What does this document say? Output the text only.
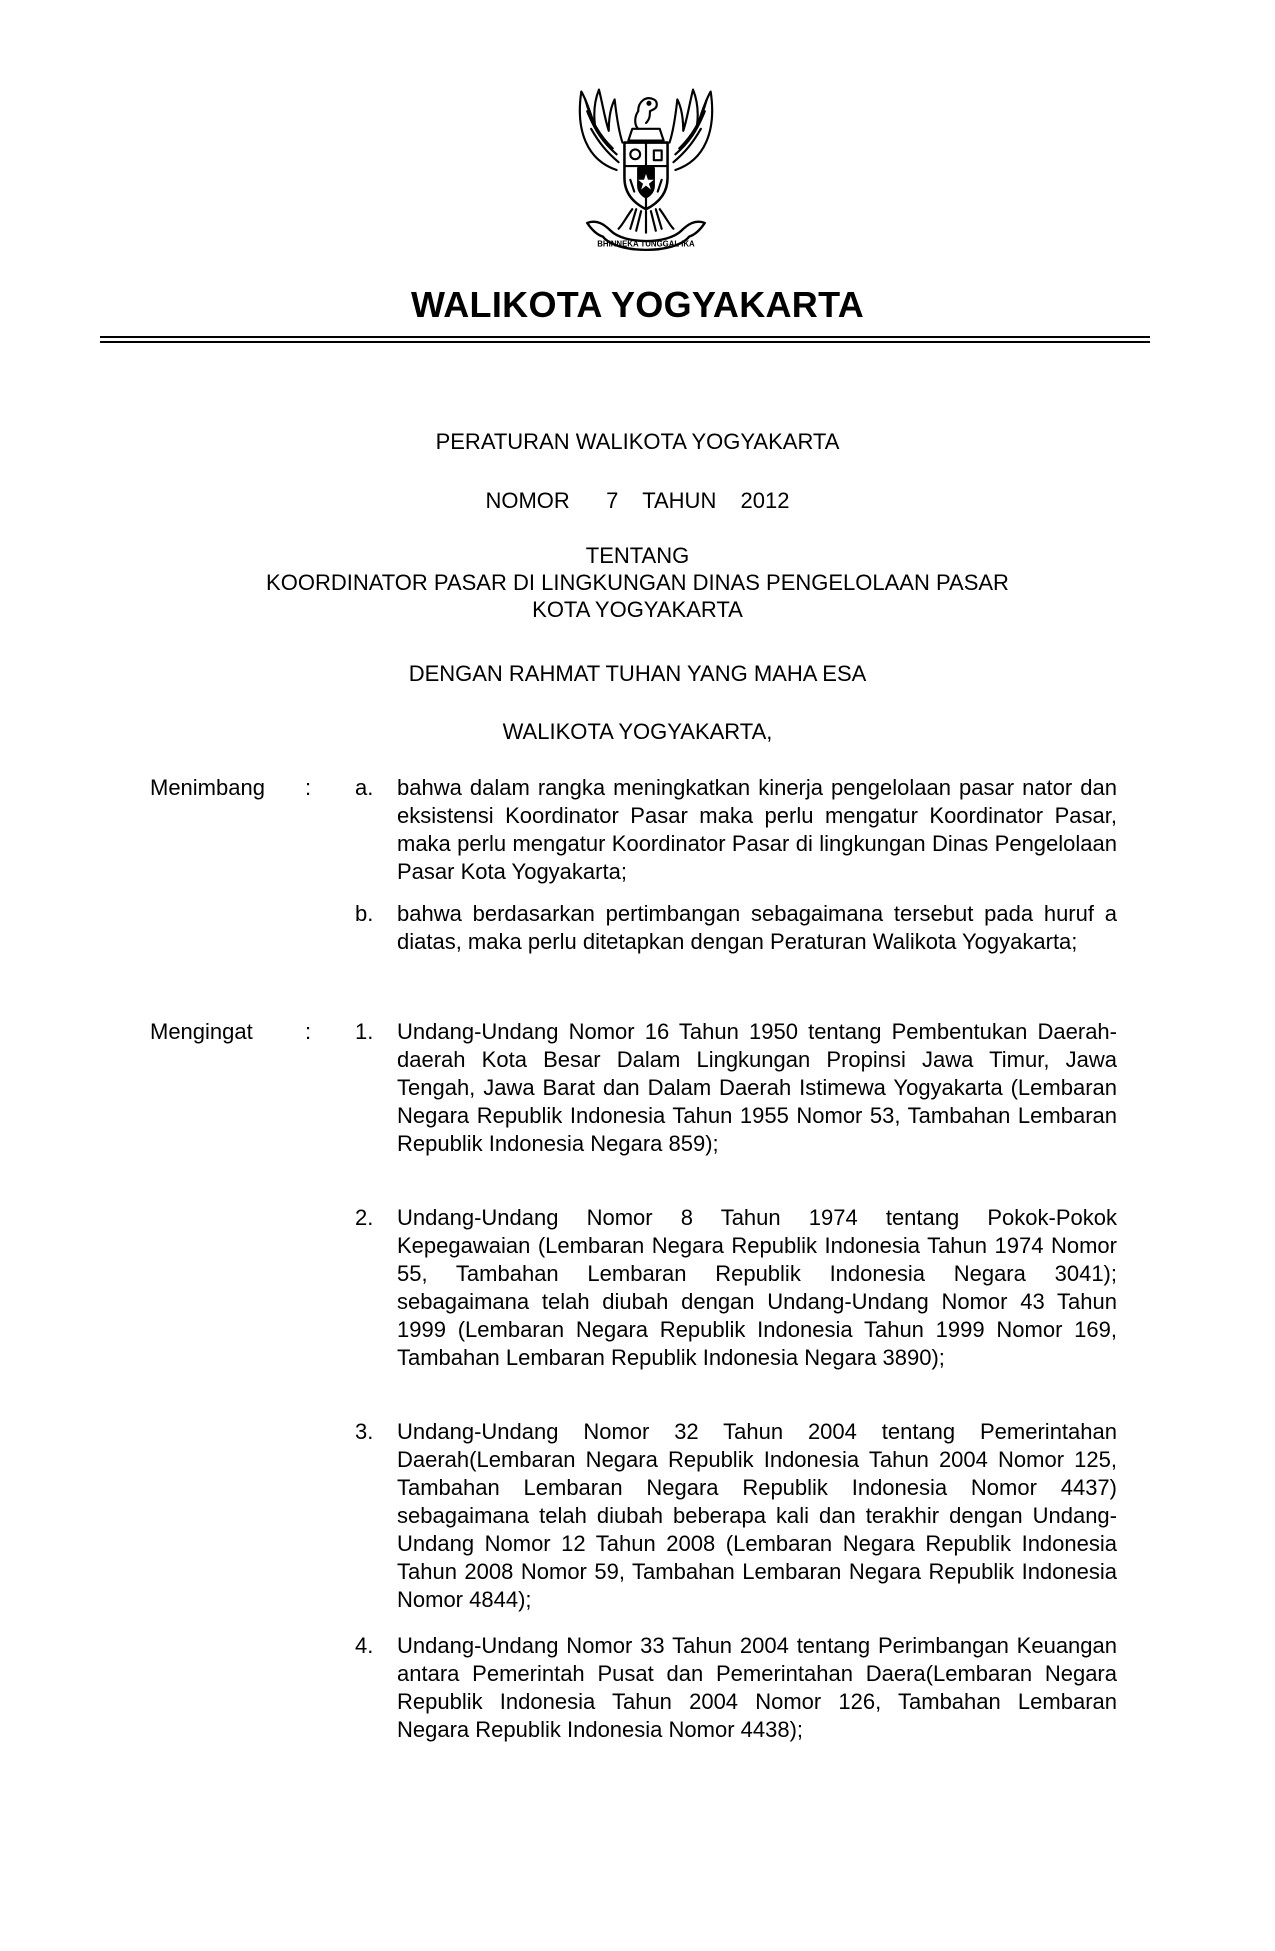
BHINNEKA TUNGGAL IKA
WALIKOTA YOGYAKARTA
PERATURAN WALIKOTA YOGYAKARTA
NOMOR   7  TAHUN  2012
TENTANG
KOORDINATOR PASAR DI LINGKUNGAN DINAS PENGELOLAAN PASAR
KOTA YOGYAKARTA
DENGAN RAHMAT TUHAN YANG MAHA ESA
WALIKOTA YOGYAKARTA,
Menimbang : a. bahwa dalam rangka meningkatkan kinerja pengelolaan pasar nator dan eksistensi Koordinator Pasar maka perlu mengatur Koordinator Pasar, maka perlu mengatur Koordinator Pasar di lingkungan Dinas Pengelolaan Pasar Kota Yogyakarta;
b. bahwa berdasarkan pertimbangan sebagaimana tersebut pada huruf a diatas, maka perlu ditetapkan dengan Peraturan Walikota Yogyakarta;
Mengingat : 1. Undang-Undang Nomor 16 Tahun 1950 tentang Pembentukan Daerah-daerah Kota Besar Dalam Lingkungan Propinsi Jawa Timur, Jawa Tengah, Jawa Barat dan Dalam Daerah Istimewa Yogyakarta (Lembaran Negara Republik Indonesia Tahun 1955 Nomor 53, Tambahan Lembaran Republik Indonesia Negara 859);
2. Undang-Undang Nomor 8 Tahun 1974 tentang Pokok-Pokok Kepegawaian (Lembaran Negara Republik Indonesia Tahun 1974 Nomor 55, Tambahan Lembaran Republik Indonesia Negara 3041); sebagaimana telah diubah dengan Undang-Undang Nomor 43 Tahun 1999 (Lembaran Negara Republik Indonesia Tahun 1999 Nomor 169, Tambahan Lembaran Republik Indonesia Negara 3890);
3. Undang-Undang Nomor 32 Tahun 2004 tentang Pemerintahan Daerah(Lembaran Negara Republik Indonesia Tahun 2004 Nomor 125, Tambahan Lembaran Negara Republik Indonesia Nomor 4437) sebagaimana telah diubah beberapa kali dan terakhir dengan Undang-Undang Nomor 12 Tahun 2008 (Lembaran Negara Republik Indonesia Tahun 2008 Nomor 59, Tambahan Lembaran Negara Republik Indonesia Nomor 4844);
4. Undang-Undang Nomor 33 Tahun 2004 tentang Perimbangan Keuangan antara Pemerintah Pusat dan Pemerintahan Daera(Lembaran Negara Republik Indonesia Tahun 2004 Nomor 126, Tambahan Lembaran Negara Republik Indonesia Nomor 4438);
